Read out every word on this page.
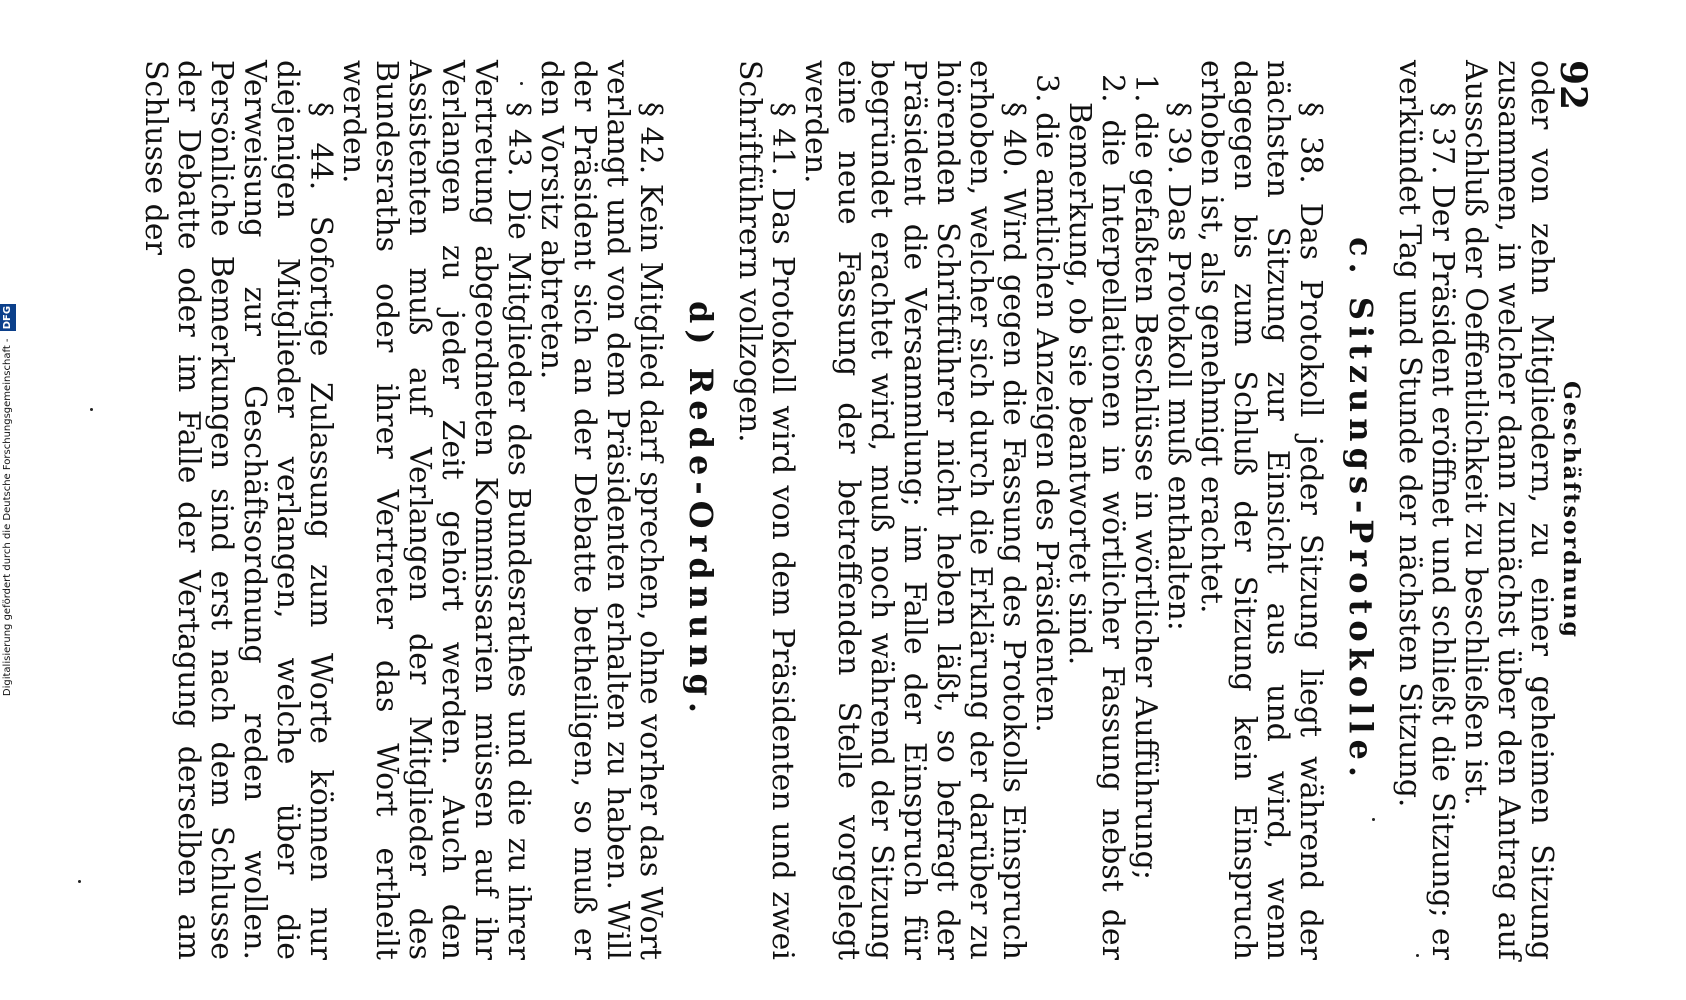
92
Geschäftsordnung

oder von zehn Mitgliedern, zu einer geheimen Sitzung zusammen, in welcher dann zunächst über den Antrag auf Ausschluß der Oeffentlichkeit zu beschließen ist.

§ 37. Der Präsident eröffnet und schließt die Sitzung; er verkündet Tag und Stunde der nächsten Sitzung.

c. Sitzungs-Protokolle.

§ 38. Das Protokoll jeder Sitzung liegt während der nächsten Sitzung zur Einsicht aus und wird, wenn dagegen bis zum Schluß der Sitzung kein Einspruch erhoben ist, als genehmigt erachtet.

§ 39. Das Protokoll muß enthalten:

1. die gefaßten Beschlüsse in wörtlicher Aufführung;

2. die Interpellationen in wörtlicher Fassung nebst der Bemerkung, ob sie beantwortet sind.

3. die amtlichen Anzeigen des Präsidenten.

§ 40. Wird gegen die Fassung des Protokolls Einspruch erhoben, welcher sich durch die Erklärung der darüber zu hörenden Schriftführer nicht heben läßt, so befragt der Präsident die Versammlung; im Falle der Einspruch für begründet erachtet wird, muß noch während der Sitzung eine neue Fassung der betreffenden Stelle vorgelegt werden.

§ 41. Das Protokoll wird von dem Präsidenten und zwei Schriftführern vollzogen.

d) Rede-Ordnung.

§ 42. Kein Mitglied darf sprechen, ohne vorher das Wort verlangt und von dem Präsidenten erhalten zu haben. Will der Präsident sich an der Debatte betheiligen, so muß er den Vorsitz abtreten.

§ 43. Die Mitglieder des Bundesrathes und die zu ihrer Vertretung abgeordneten Kommissarien müssen auf ihr Verlangen zu jeder Zeit gehört werden. Auch den Assistenten muß auf Verlangen der Mitglieder des Bundesraths oder ihrer Vertreter das Wort ertheilt werden.

§ 44. Sofortige Zulassung zum Worte können nur diejenigen Mitglieder verlangen, welche über die Verweisung zur Geschäftsordnung reden wollen. Persönliche Bemerkungen sind erst nach dem Schlusse der Debatte oder im Falle der Vertagung derselben am Schlusse der

Digitalisierung gefördert durch die Deutsche Forschungsgemeinschaft - DFG
